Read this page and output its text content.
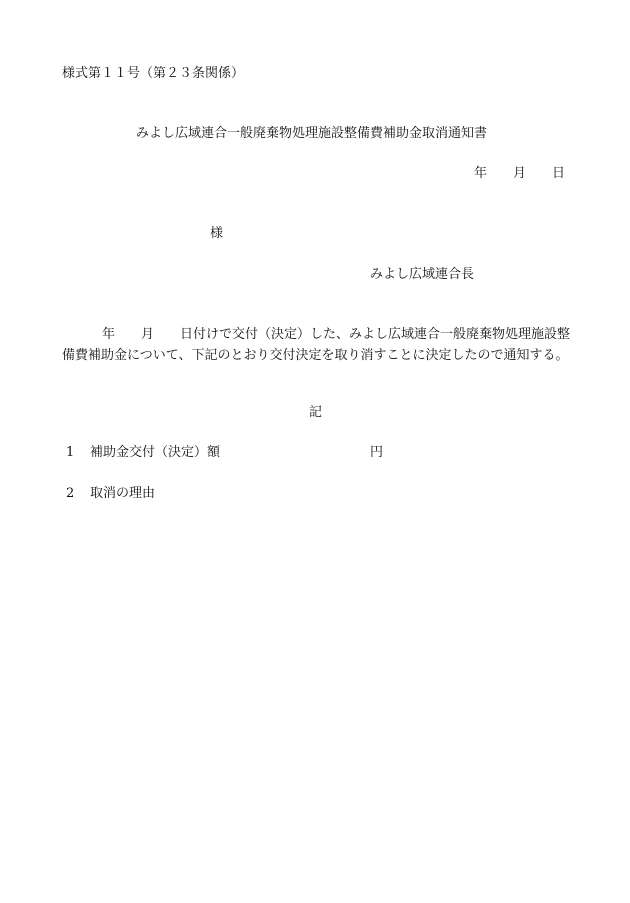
様式第１１号（第２３条関係）
みよし広域連合一般廃棄物処理施設整備費補助金取消通知書
年 月 日
様
みよし広域連合長
年 月 日付けで交付（決定）した、みよし広域連合一般廃棄物処理施設整備費補助金について、下記のとおり交付決定を取り消すことに決定したので通知する。
記
1 補助金交付（決定）額	円
2 取消の理由
